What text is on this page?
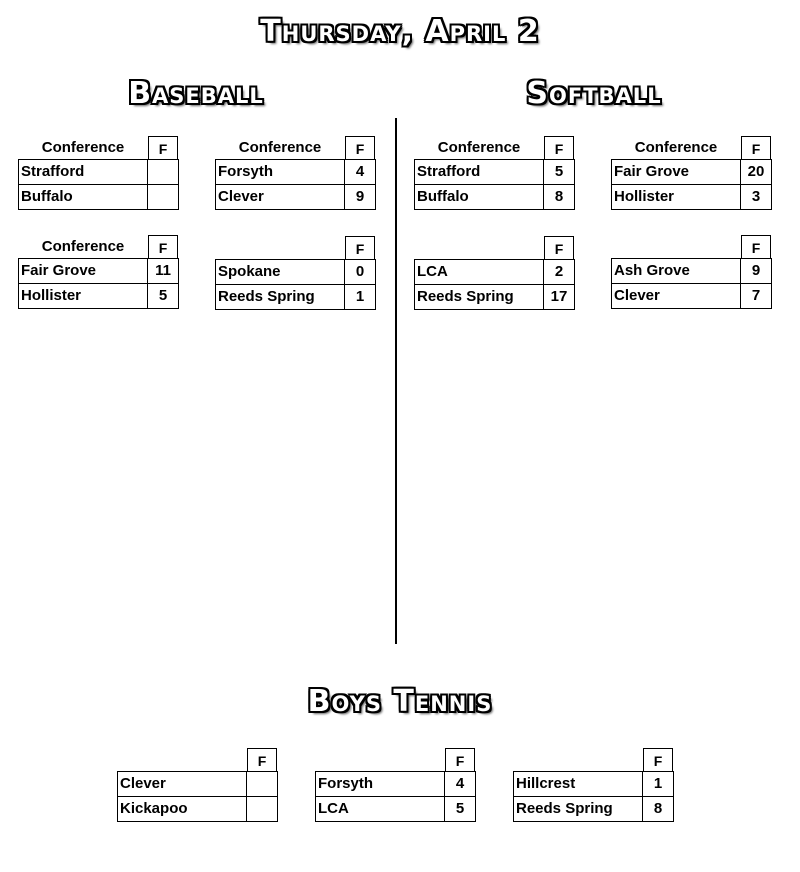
Thursday, April 2
Baseball	Softball
Conference	F
Strafford
Buffalo
Conference	F
Forsyth	4
Clever	9
Conference	F
Fair Grove	11
Hollister	5
F
Spokane	0
Reeds Spring	1
Conference	F
Strafford	5
Buffalo	8
Conference	F
Fair Grove	20
Hollister	3
F
LCA	2
Reeds Spring	17
F
Ash Grove	9
Clever	7
Boys Tennis
F
Clever
Kickapoo
F
Forsyth	4
LCA	5
F
Hillcrest	1
Reeds Spring	8
